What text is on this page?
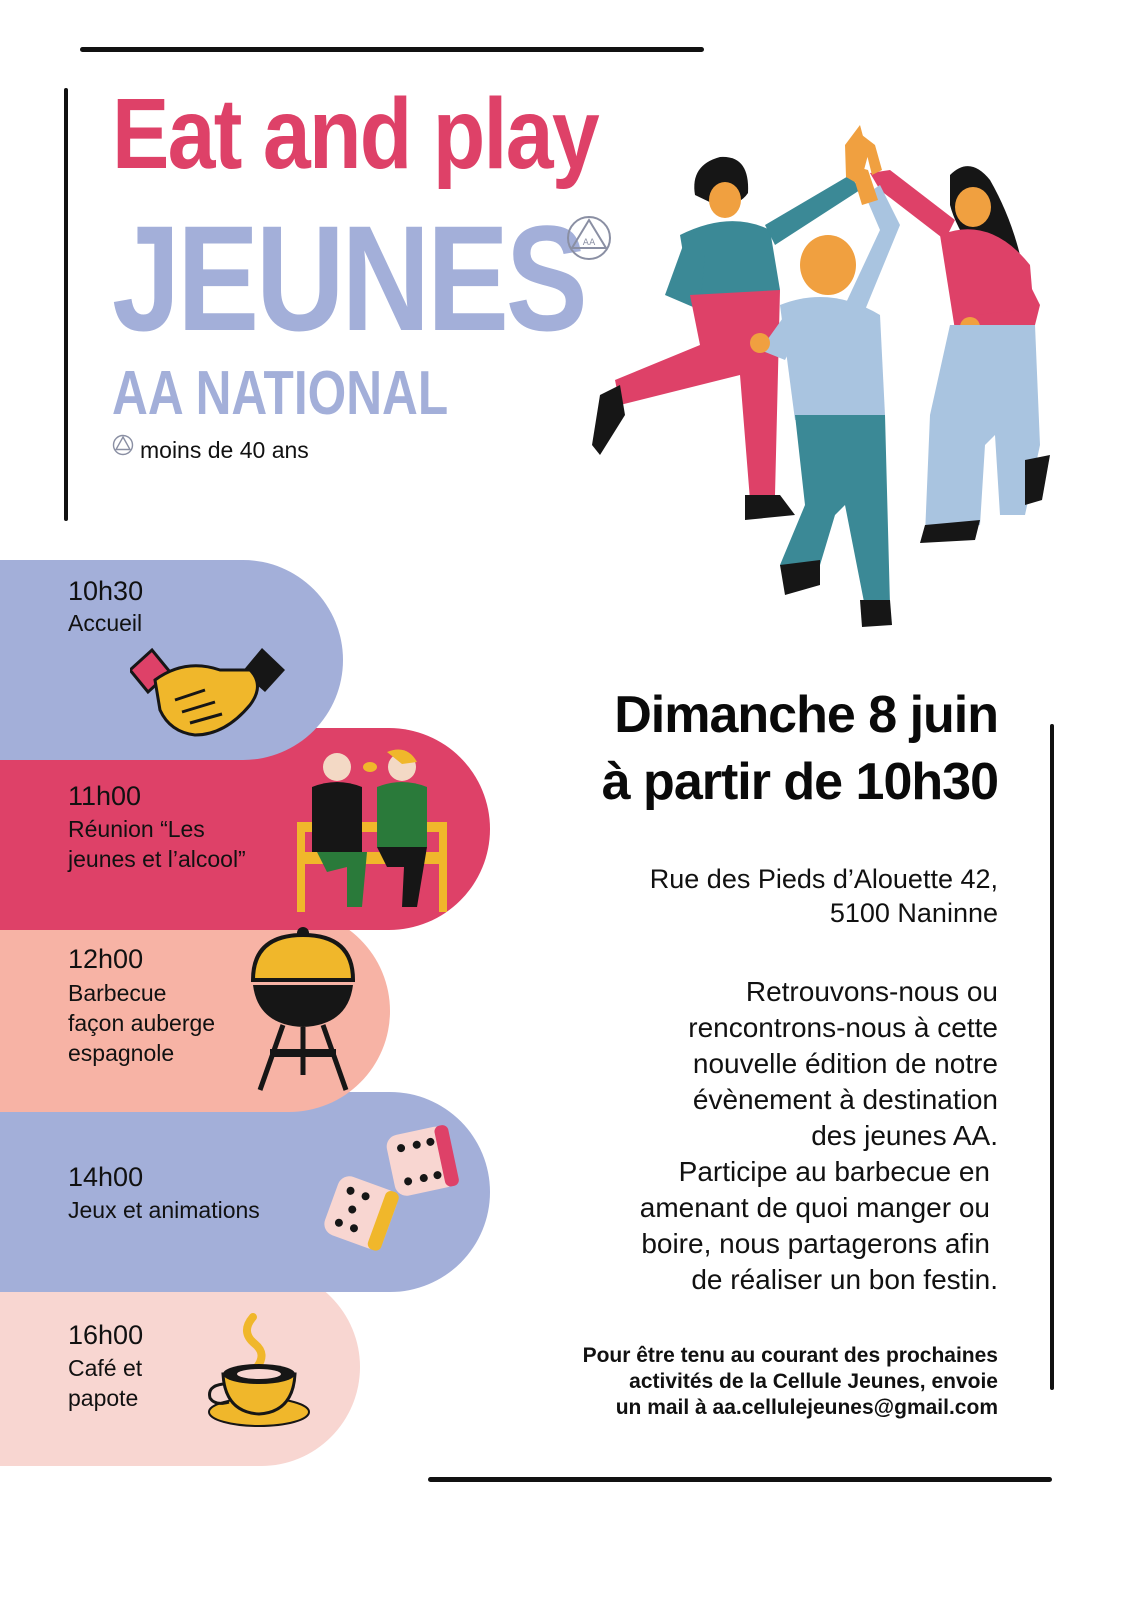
Eat and play
JEUNES
AA
AA NATIONAL
moins de 40 ans
10h30
Accueil
11h00
Réunion “Les
jeunes et l’alcool”
12h00
Barbecue
façon auberge
espagnole
14h00
Jeux et animations
16h00
Café et
papote
Dimanche 8 juin
à partir de 10h30
Rue des Pieds d’Alouette 42,
5100 Naninne
Retrouvons-nous ou
rencontrons-nous à cette
nouvelle édition de notre
évènement à destination
des jeunes AA.
Participe au barbecue en
amenant de quoi manger ou
boire, nous partagerons afin
de réaliser un bon festin.
Pour être tenu au courant des prochaines
activités de la Cellule Jeunes, envoie
un mail à aa.cellulejeunes@gmail.com
